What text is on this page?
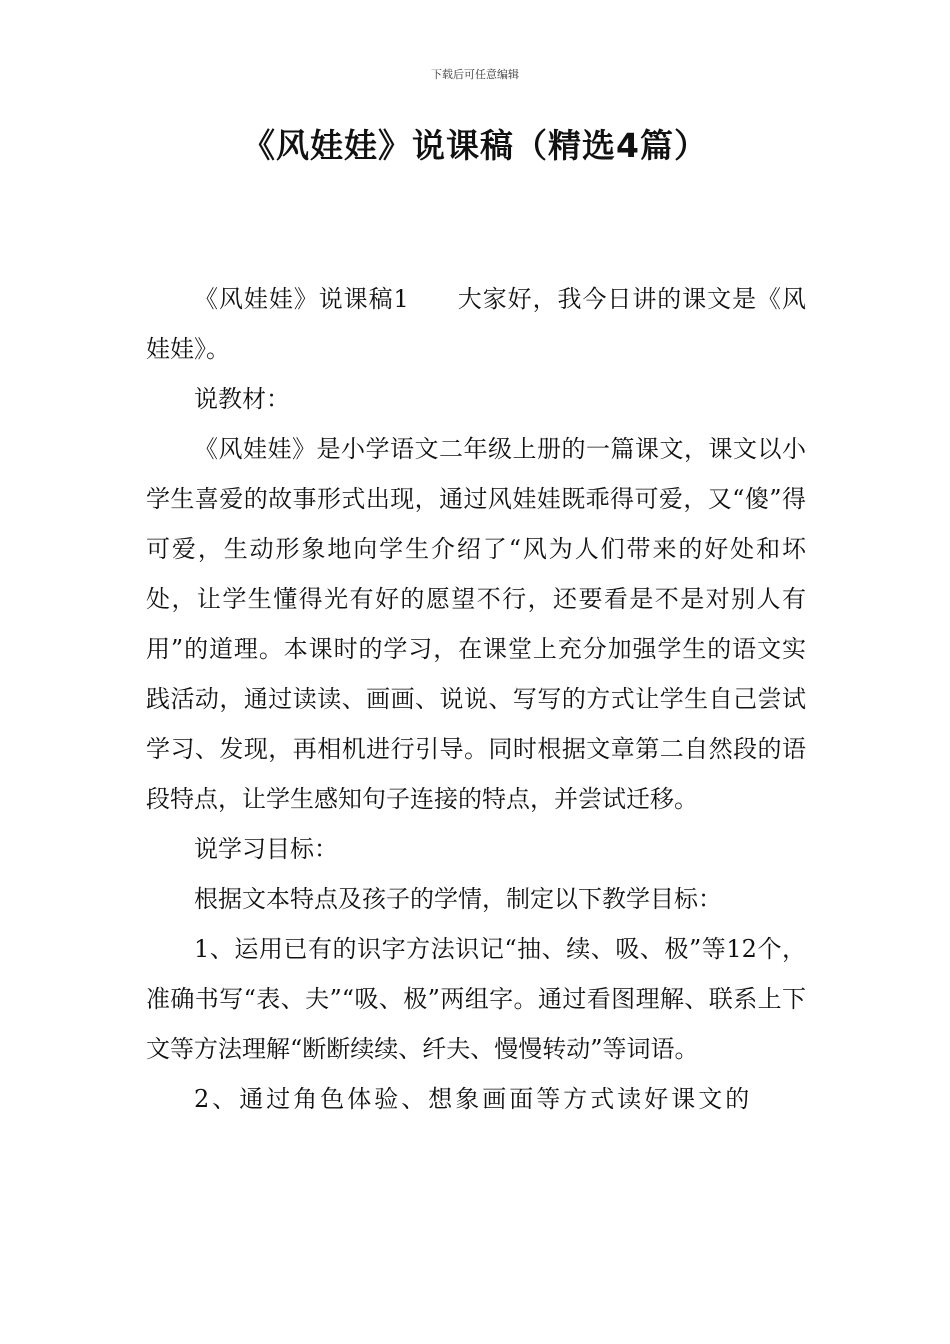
下载后可任意编辑
《风娃娃》说课稿（精选4篇）

《风娃娃》说课稿1 大家好，我今日讲的课文是《风娃娃》。

说教材：

《风娃娃》是小学语文二年级上册的一篇课文，课文以小学生喜爱的故事形式出现，通过风娃娃既乖得可爱，又“傻”得可爱，生动形象地向学生介绍了“风为人们带来的好处和坏处，让学生懂得光有好的愿望不行，还要看是不是对别人有用”的道理。本课时的学习，在课堂上充分加强学生的语文实践活动，通过读读、画画、说说、写写的方式让学生自己尝试学习、发现，再相机进行引导。同时根据文章第二自然段的语段特点，让学生感知句子连接的特点，并尝试迁移。

说学习目标：

根据文本特点及孩子的学情，制定以下教学目标：

1、运用已有的识字方法识记“抽、续、吸、极”等12个，准确书写“表、夫”“吸、极”两组字。通过看图理解、联系上下文等方法理解“断断续续、纤夫、慢慢转动”等词语。

2、通过角色体验、想象画面等方式读好课文的
